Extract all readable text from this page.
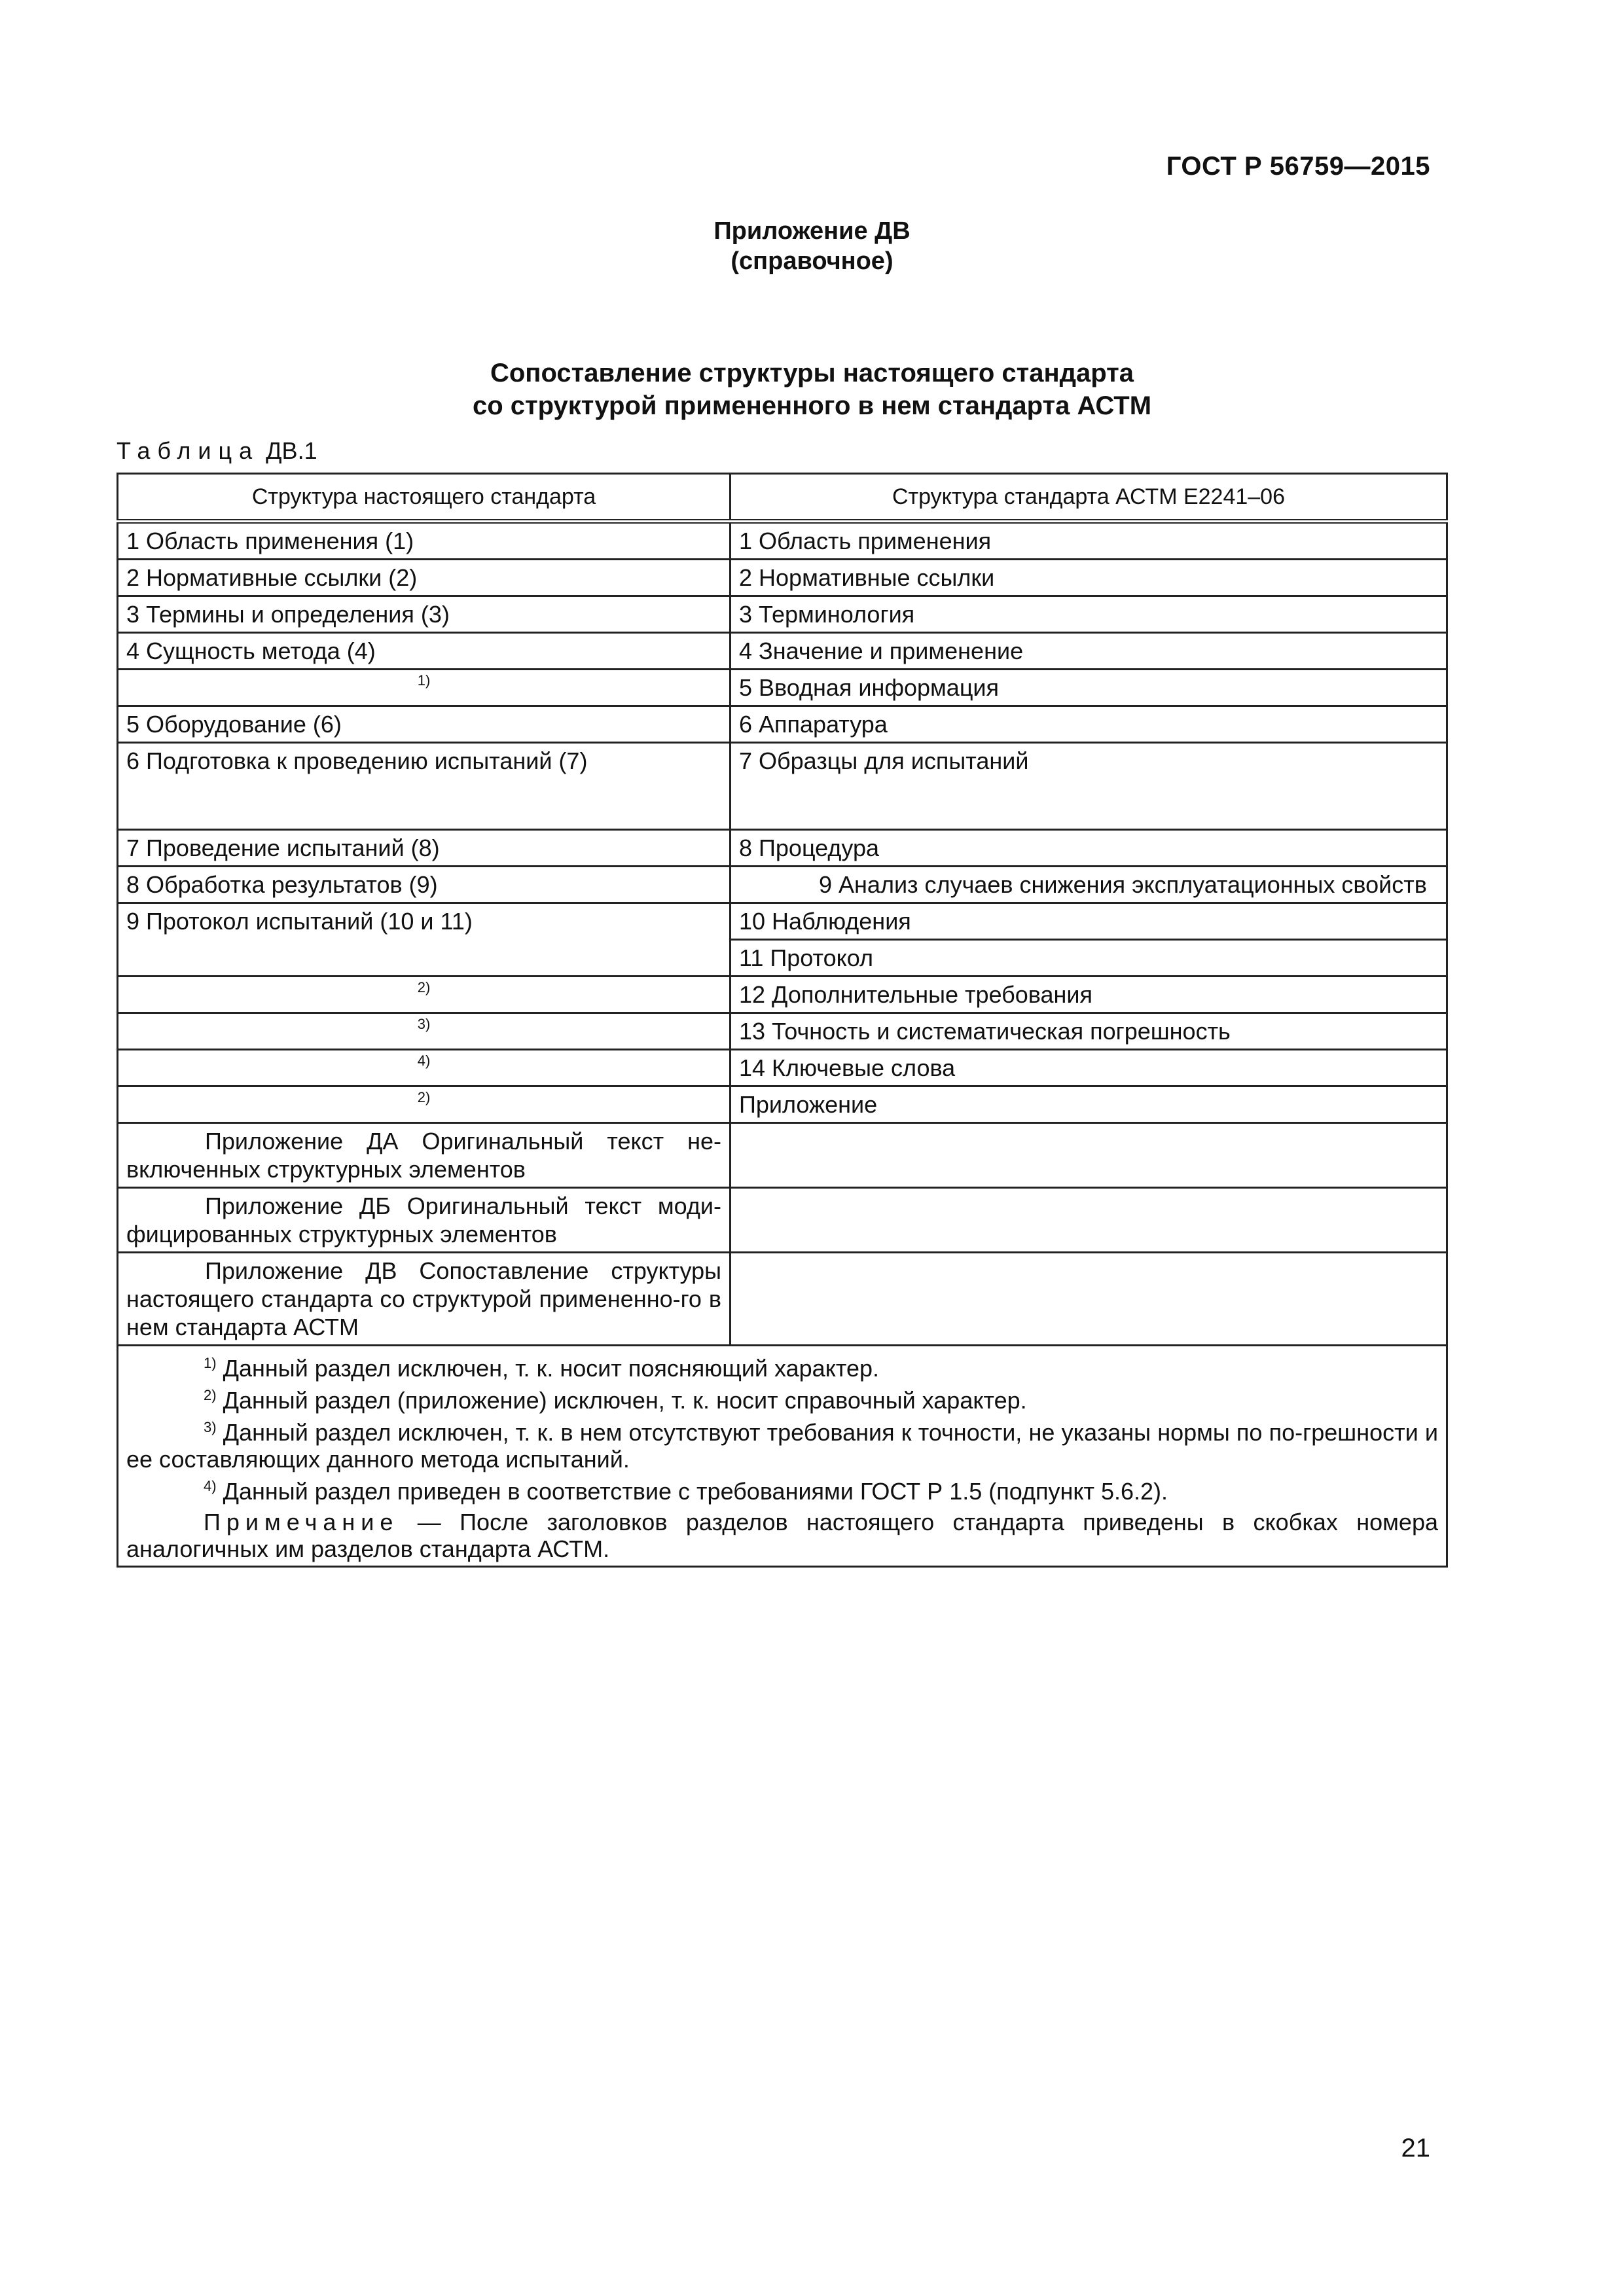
ГОСТ Р 56759—2015
Приложение ДВ
(справочное)
Сопоставление структуры настоящего стандарта
со структурой примененного в нем стандарта АСТМ
Таблица ДВ.1
Структура настоящего стандарта	Структура стандарта АСТМ Е2241–06
1 Область применения (1)	1 Область применения
2 Нормативные ссылки (2)	2 Нормативные ссылки
3 Термины и определения (3)	3 Терминология
4 Сущность метода (4)	4 Значение и применение
1)	5 Вводная информация
5 Оборудование (6)	6 Аппаратура
6 Подготовка к проведению испытаний (7)	7 Образцы для испытаний
7 Проведение испытаний (8)	8 Процедура
8 Обработка результатов (9)	9 Анализ случаев снижения эксплуатационных свойств
9 Протокол испытаний (10 и 11)	10 Наблюдения
	11 Протокол
2)	12 Дополнительные требования
3)	13 Точность и систематическая погрешность
4)	14 Ключевые слова
2)	Приложение
Приложение ДА Оригинальный текст не-включенных структурных элементов	
Приложение ДБ Оригинальный текст моди-фицированных структурных элементов	
Приложение ДВ Сопоставление структуры настоящего стандарта со структурой примененно-го в нем стандарта АСТМ	

$^{1)}$ Данный раздел исключен, т. к. носит поясняющий характер.

$^{2)}$ Данный раздел (приложение) исключен, т. к. носит справочный характер.

$^{3)}$ Данный раздел исключен, т. к. в нем отсутствуют требования к точности, не указаны нормы по по-грешности и ее составляющих данного метода испытаний.

$^{4)}$ Данный раздел приведен в соответствие с требованиями ГОСТ Р 1.5 (подпункт 5.6.2).

Примечание — После заголовков разделов настоящего стандарта приведены в скобках номера аналогичных им разделов стандарта АСТМ.	

21
